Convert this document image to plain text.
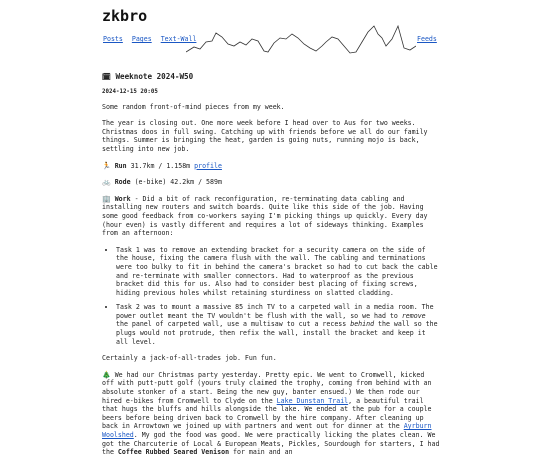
zkbro
Posts Pages Text-Wall	Feeds
🗓 Weeknote 2024-W50
2024-12-15 20:05

Some random front-of-mind pieces from my week.

The year is closing out. One more week before I head over to Aus for two weeks. Christmas doos in full swing. Catching up with friends before we all do our family things. Summer is bringing the heat, garden is going nuts, running mojo is back, settling into new job.

🏃 Run 31.7km / 1.158m profile
🚲 Rode (e-bike) 42.2km / 589m

🏢 Work - Did a bit of rack reconfiguration, re-terminating data cabling and installing new routers and switch boards. Quite like this side of the job. Having some good feedback from co-workers saying I'm picking things up quickly. Every day (hour even) is vastly different and requires a lot of sideways thinking. Examples from an afternoon:

• Task 1 was to remove an extending bracket for a security camera on the side of the house, fixing the camera flush with the wall. The cabling and terminations were too bulky to fit in behind the camera's bracket so had to cut back the cable and re-terminate with smaller connectors. Had to waterproof as the previous bracket did this for us. Also had to consider best placing of fixing screws, hiding previous holes whilst retaining sturdiness on slatted cladding.
• Task 2 was to mount a massive 85 inch TV to a carpeted wall in a media room. The power outlet meant the TV wouldn't be flush with the wall, so we had to remove the panel of carpeted wall, use a multisaw to cut a recess behind the wall so the plugs would not protrude, then refix the wall, install the bracket and keep it all level.

Certainly a jack-of-all-trades job. Fun fun.

🎄 We had our Christmas party yesterday. Pretty epic. We went to Cromwell, kicked off with putt-putt golf (yours truly claimed the trophy, coming from behind with an absolute stonker of a start. Being the new guy, banter ensued.) We then rode our hired e-bikes from Cromwell to Clyde on the Lake Dunstan Trail, a beautiful trail that hugs the bluffs and hills alongside the lake. We ended at the pub for a couple beers before being driven back to Cromwell by the hire company. After cleaning up back in Arrowtown we joined up with partners and went out for dinner at the Ayrburn Woolshed. My god the food was good. We were practically licking the plates clean. We got the Charcuterie of Local & European Meats, Pickles, Sourdough for starters, I had the Coffee Rubbed Seared Venison for main and an
